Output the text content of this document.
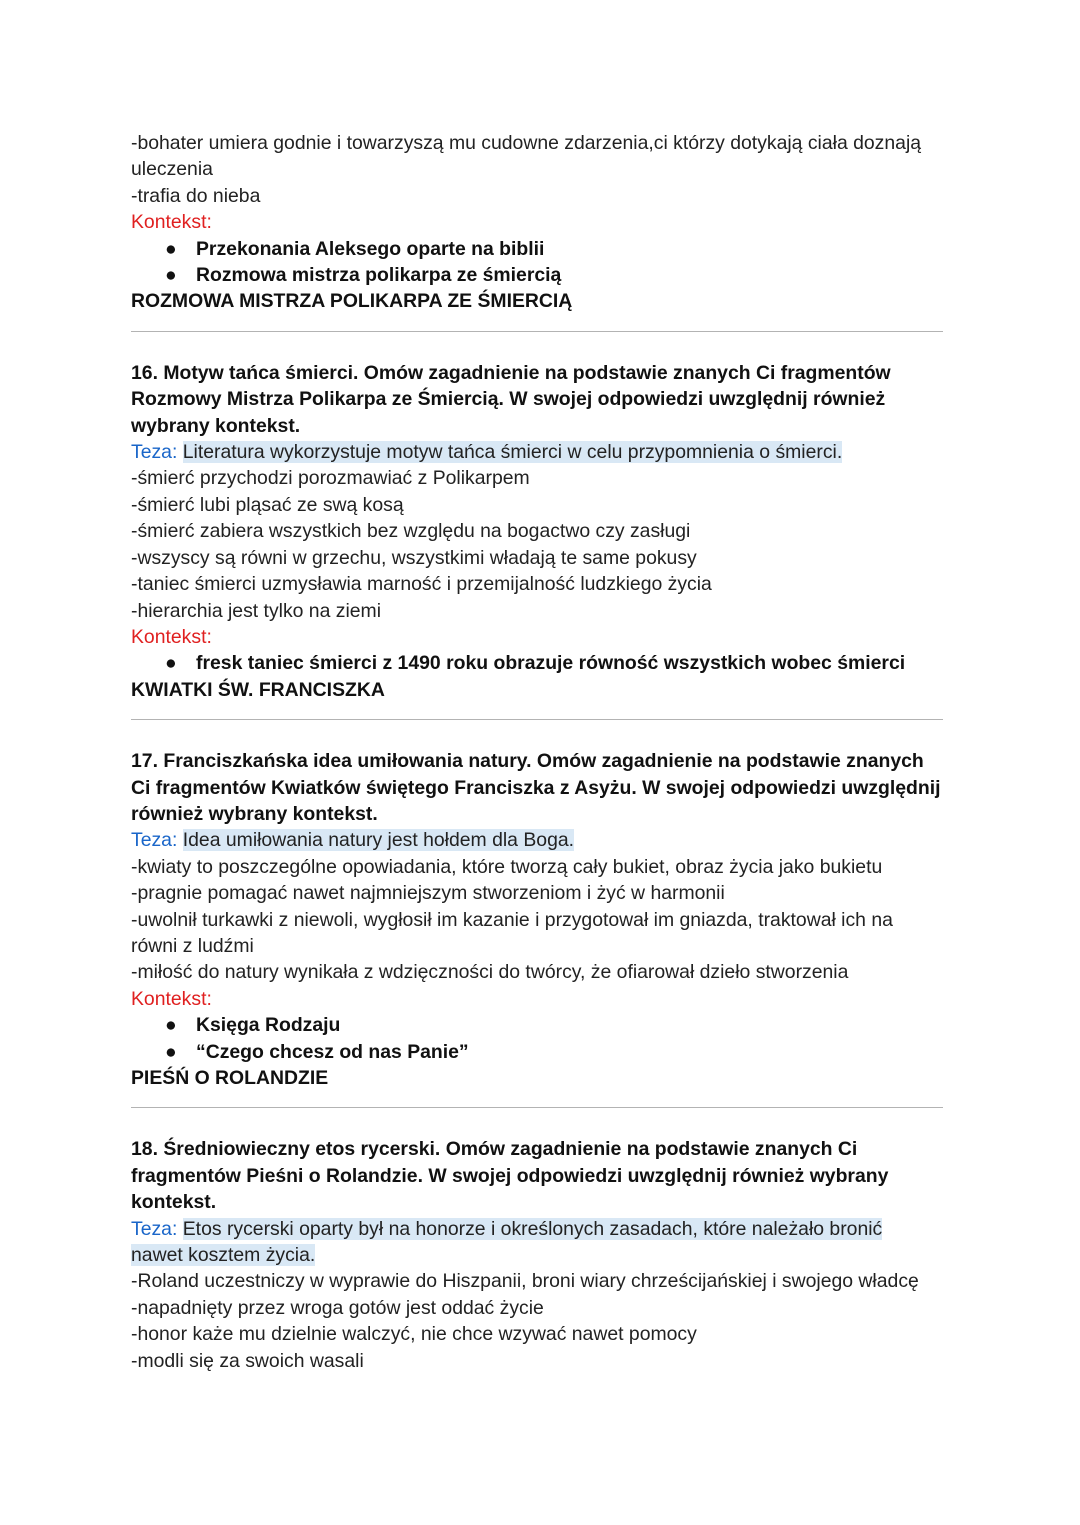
-bohater umiera godnie i towarzyszą mu cudowne zdarzenia,ci którzy dotykają ciała doznają uleczenia
-trafia do nieba
Kontekst:
● Przekonania Aleksego oparte na biblii
● Rozmowa mistrza polikarpa ze śmiercią
ROZMOWA MISTRZA POLIKARPA ZE ŚMIERCIĄ
16. Motyw tańca śmierci. Omów zagadnienie na podstawie znanych Ci fragmentów Rozmowy Mistrza Polikarpa ze Śmiercią. W swojej odpowiedzi uwzględnij również wybrany kontekst.
Teza: Literatura wykorzystuje motyw tańca śmierci w celu przypomnienia o śmierci.
-śmierć przychodzi porozmawiać z Polikarpem
-śmierć lubi pląsać ze swą kosą
-śmierć zabiera wszystkich bez względu na bogactwo czy zasługi
-wszyscy są równi w grzechu, wszystkimi władają te same pokusy
-taniec śmierci uzmysławia marność i przemijalność ludzkiego życia
-hierarchia jest tylko na ziemi
Kontekst:
● fresk taniec śmierci z 1490 roku obrazuje równość wszystkich wobec śmierci
KWIATKI ŚW. FRANCISZKA
17. Franciszkańska idea umiłowania natury. Omów zagadnienie na podstawie znanych Ci fragmentów Kwiatków świętego Franciszka z Asyżu. W swojej odpowiedzi uwzględnij również wybrany kontekst.
Teza: Idea umiłowania natury jest hołdem dla Boga.
-kwiaty to poszczególne opowiadania, które tworzą cały bukiet, obraz życia jako bukietu
-pragnie pomagać nawet najmniejszym stworzeniom i żyć w harmonii
-uwolnił turkawki z niewoli, wygłosił im kazanie i przygotował im gniazda, traktował ich na równi z ludźmi
-miłość do natury wynikała z wdzięczności do twórcy, że ofiarował dzieło stworzenia
Kontekst:
● Księga Rodzaju
● “Czego chcesz od nas Panie”
PIEŚŃ O ROLANDZIE
18. Średniowieczny etos rycerski. Omów zagadnienie na podstawie znanych Ci fragmentów Pieśni o Rolandzie. W swojej odpowiedzi uwzględnij również wybrany kontekst.
Teza: Etos rycerski oparty był na honorze i określonych zasadach, które należało bronić nawet kosztem życia.
-Roland uczestniczy w wyprawie do Hiszpanii, broni wiary chrześcijańskiej i swojego władcę
-napadnięty przez wroga gotów jest oddać życie
-honor każe mu dzielnie walczyć, nie chce wzywać nawet pomocy
-modli się za swoich wasali
